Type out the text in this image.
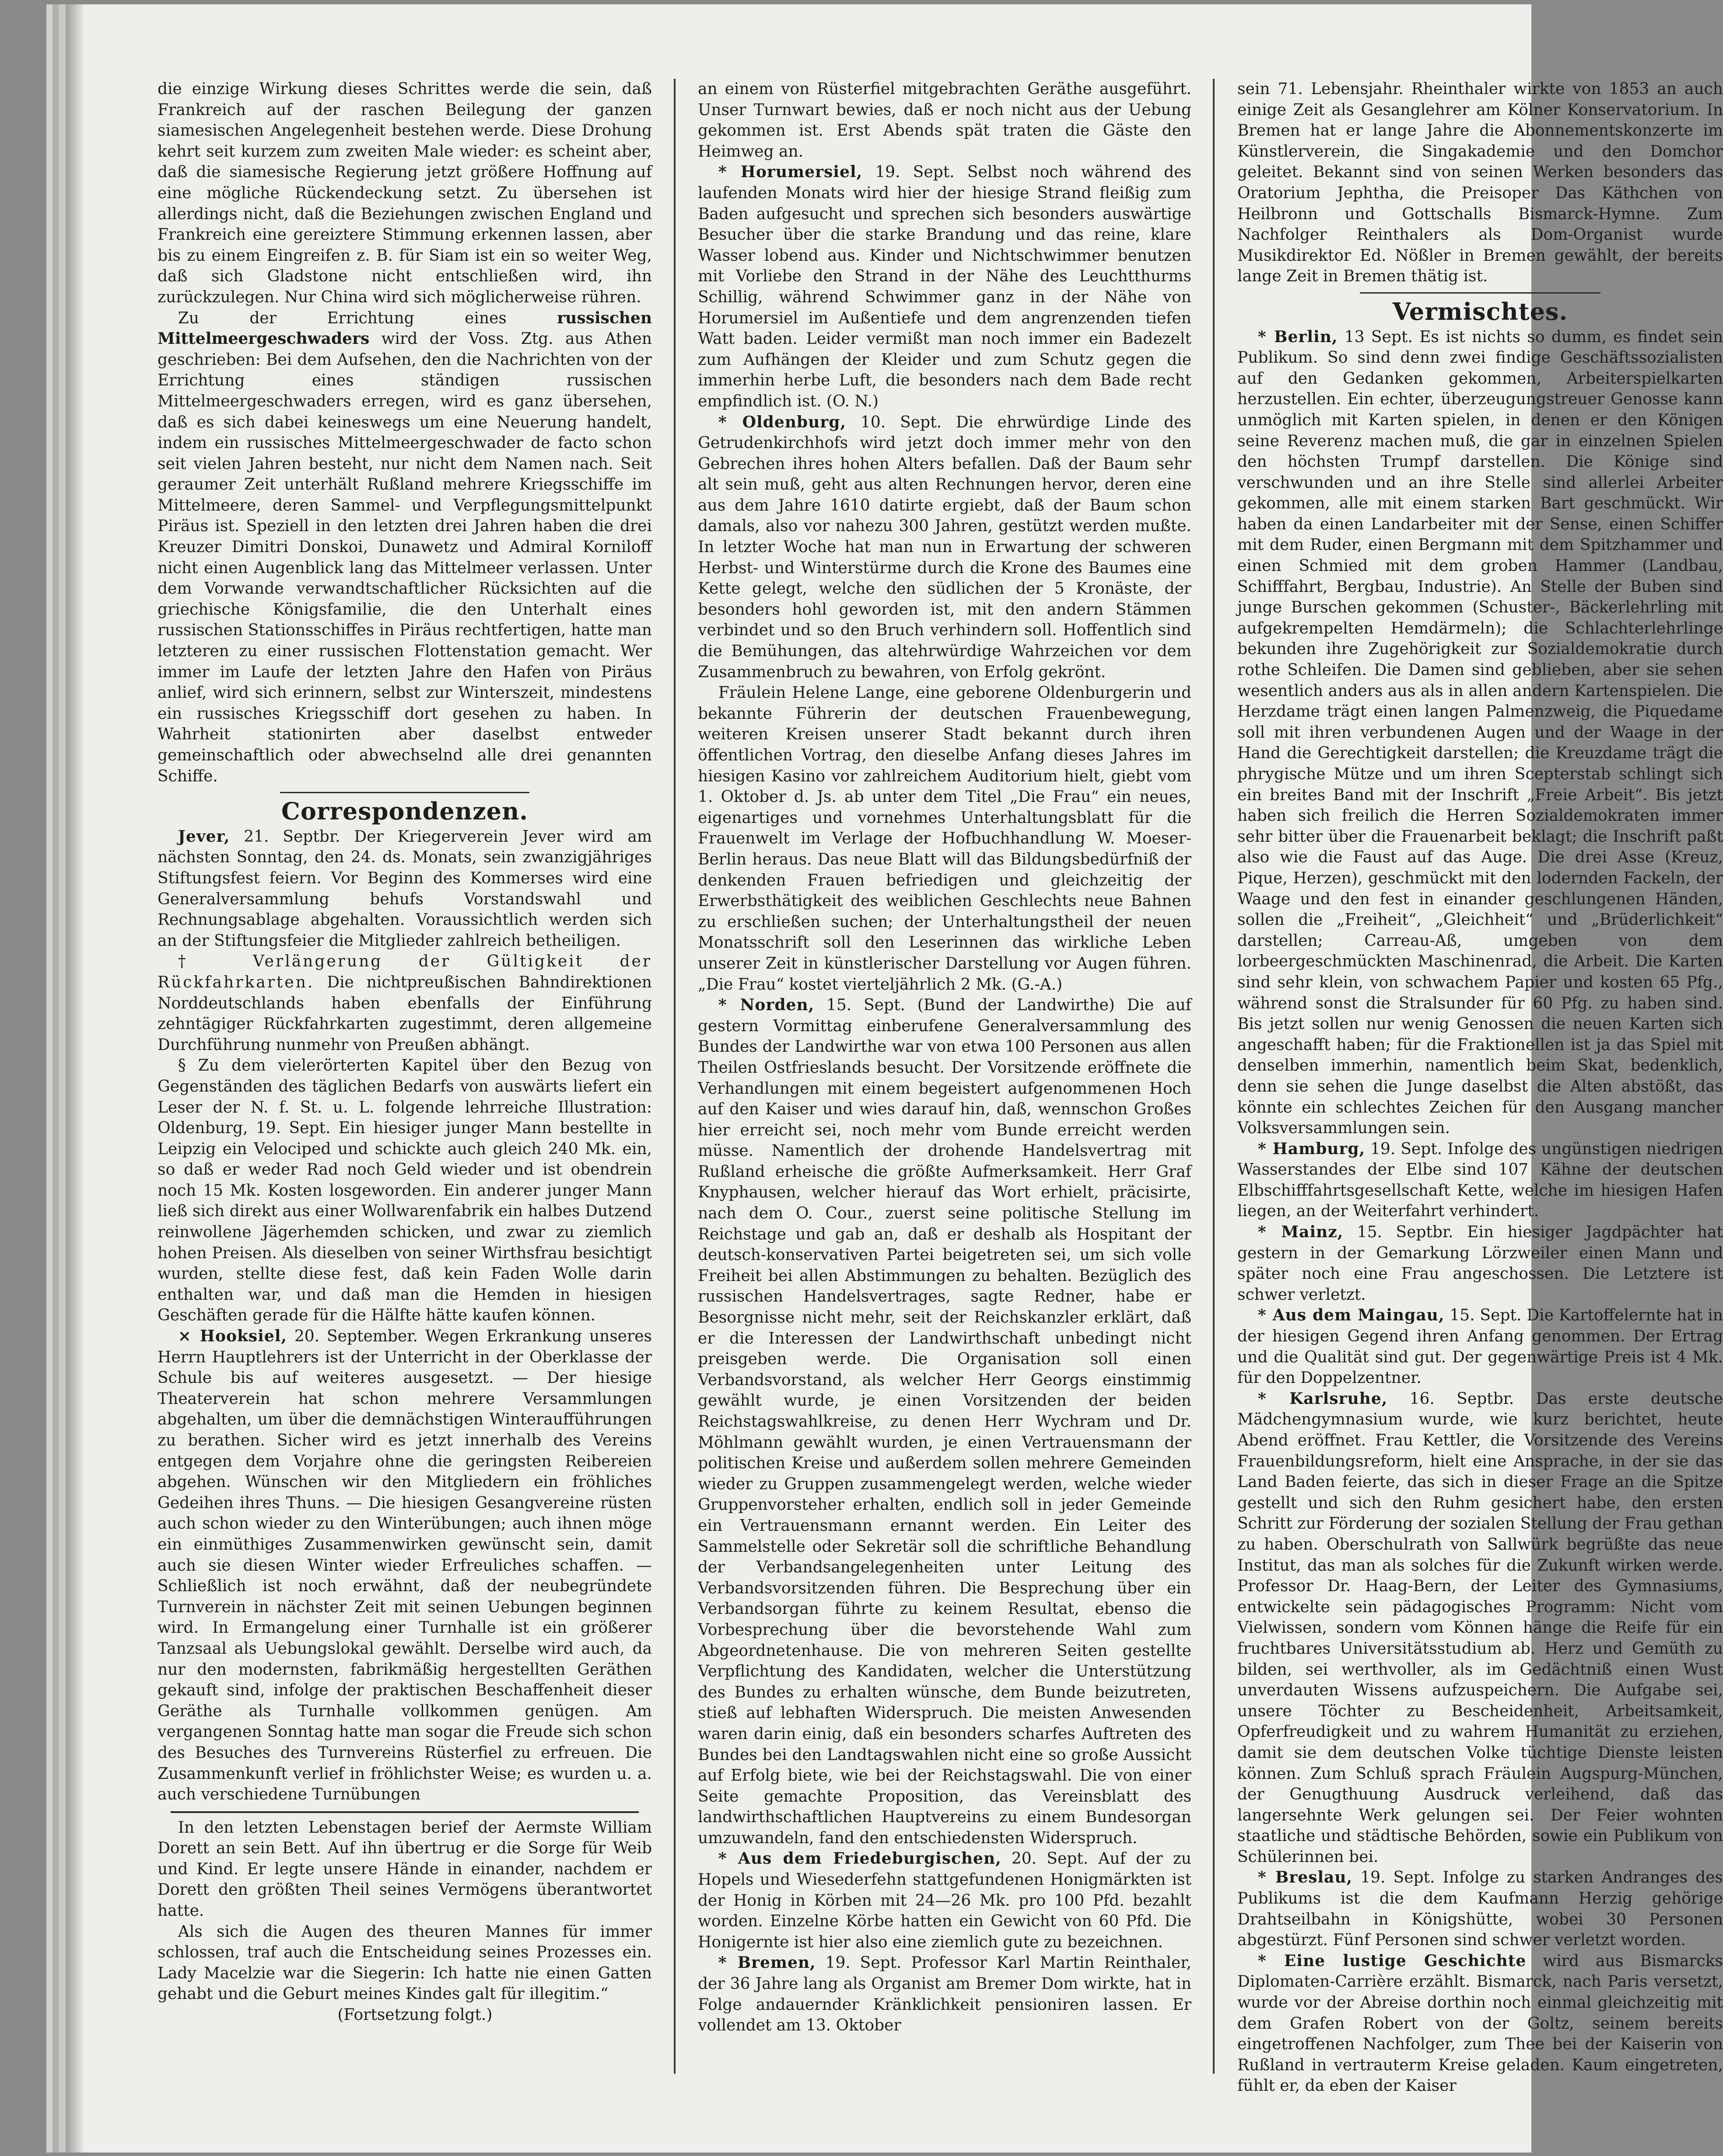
die einzige Wirkung dieses Schrittes werde die sein, daß Frankreich auf der raschen Beilegung der ganzen siamesischen Angelegenheit bestehen werde. Diese Drohung kehrt seit kurzem zum zweiten Male wieder: es scheint aber, daß die siamesische Regierung jetzt größere Hoffnung auf eine mögliche Rückendeckung setzt. Zu übersehen ist allerdings nicht, daß die Beziehungen zwischen England und Frankreich eine gereiztere Stimmung erkennen lassen, aber bis zu einem Eingreifen z. B. für Siam ist ein so weiter Weg, daß sich Gladstone nicht entschließen wird, ihn zurückzulegen. Nur China wird sich möglicherweise rühren.

Zu der Errichtung eines russischen Mittelmeergeschwaders wird der Voss. Ztg. aus Athen geschrieben: Bei dem Aufsehen, den die Nachrichten von der Errichtung eines ständigen russischen Mittelmeergeschwaders erregen, wird es ganz übersehen, daß es sich dabei keineswegs um eine Neuerung handelt, indem ein russisches Mittelmeergeschwader de facto schon seit vielen Jahren besteht, nur nicht dem Namen nach. Seit geraumer Zeit unterhält Rußland mehrere Kriegsschiffe im Mittelmeere, deren Sammel- und Verpflegungsmittelpunkt Piräus ist. Speziell in den letzten drei Jahren haben die drei Kreuzer Dimitri Donskoi, Dunawetz und Admiral Korniloff nicht einen Augenblick lang das Mittelmeer verlassen. Unter dem Vorwande verwandtschaftlicher Rücksichten auf die griechische Königsfamilie, die den Unterhalt eines russischen Stationsschiffes in Piräus rechtfertigen, hatte man letzteren zu einer russischen Flottenstation gemacht. Wer immer im Laufe der letzten Jahre den Hafen von Piräus anlief, wird sich erinnern, selbst zur Winterszeit, mindestens ein russisches Kriegsschiff dort gesehen zu haben. In Wahrheit stationirten aber daselbst entweder gemeinschaftlich oder abwechselnd alle drei genannten Schiffe.

Correspondenzen.

Jever, 21. Septbr. Der Kriegerverein Jever wird am nächsten Sonntag, den 24. ds. Monats, sein zwanzigjähriges Stiftungsfest feiern. Vor Beginn des Kommerses wird eine Generalversammlung behufs Vorstandswahl und Rechnungsablage abgehalten. Voraussichtlich werden sich an der Stiftungsfeier die Mitglieder zahlreich betheiligen.

† Verlängerung der Gültigkeit der Rückfahrkarten. Die nichtpreußischen Bahndirektionen Norddeutschlands haben ebenfalls der Einführung zehntägiger Rückfahrkarten zugestimmt, deren allgemeine Durchführung nunmehr von Preußen abhängt.

§ Zu dem vielerörterten Kapitel über den Bezug von Gegenständen des täglichen Bedarfs von auswärts liefert ein Leser der N. f. St. u. L. folgende lehrreiche Illustration: Oldenburg, 19. Sept. Ein hiesiger junger Mann bestellte in Leipzig ein Velociped und schickte auch gleich 240 Mk. ein, so daß er weder Rad noch Geld wieder und ist obendrein noch 15 Mk. Kosten losgeworden. Ein anderer junger Mann ließ sich direkt aus einer Wollwarenfabrik ein halbes Dutzend reinwollene Jägerhemden schicken, und zwar zu ziemlich hohen Preisen. Als dieselben von seiner Wirthsfrau besichtigt wurden, stellte diese fest, daß kein Faden Wolle darin enthalten war, und daß man die Hemden in hiesigen Geschäften gerade für die Hälfte hätte kaufen können.

× Hooksiel, 20. September. Wegen Erkrankung unseres Herrn Hauptlehrers ist der Unterricht in der Oberklasse der Schule bis auf weiteres ausgesetzt. — Der hiesige Theaterverein hat schon mehrere Versammlungen abgehalten, um über die demnächstigen Winteraufführungen zu berathen. Sicher wird es jetzt innerhalb des Vereins entgegen dem Vorjahre ohne die geringsten Reibereien abgehen. Wünschen wir den Mitgliedern ein fröhliches Gedeihen ihres Thuns. — Die hiesigen Gesangvereine rüsten auch schon wieder zu den Winterübungen; auch ihnen möge ein einmüthiges Zusammenwirken gewünscht sein, damit auch sie diesen Winter wieder Erfreuliches schaffen. — Schließlich ist noch erwähnt, daß der neubegründete Turnverein in nächster Zeit mit seinen Uebungen beginnen wird. In Ermangelung einer Turnhalle ist ein größerer Tanzsaal als Uebungslokal gewählt. Derselbe wird auch, da nur den modernsten, fabrikmäßig hergestellten Geräthen gekauft sind, infolge der praktischen Beschaffenheit dieser Geräthe als Turnhalle vollkommen genügen. Am vergangenen Sonntag hatte man sogar die Freude sich schon des Besuches des Turnvereins Rüsterfiel zu erfreuen. Die Zusammenkunft verlief in fröhlichster Weise; es wurden u. a. auch verschiedene Turnübungen

In den letzten Lebenstagen berief der Aermste William Dorett an sein Bett. Auf ihn übertrug er die Sorge für Weib und Kind. Er legte unsere Hände in einander, nachdem er Dorett den größten Theil seines Vermögens überantwortet hatte.

Als sich die Augen des theuren Mannes für immer schlossen, traf auch die Entscheidung seines Prozesses ein. Lady Macelzie war die Siegerin: Ich hatte nie einen Gatten gehabt und die Geburt meines Kindes galt für illegitim.“

(Fortsetzung folgt.)

an einem von Rüsterfiel mitgebrachten Geräthe ausgeführt. Unser Turnwart bewies, daß er noch nicht aus der Uebung gekommen ist. Erst Abends spät traten die Gäste den Heimweg an.

* Horumersiel, 19. Sept. Selbst noch während des laufenden Monats wird hier der hiesige Strand fleißig zum Baden aufgesucht und sprechen sich besonders auswärtige Besucher über die starke Brandung und das reine, klare Wasser lobend aus. Kinder und Nichtschwimmer benutzen mit Vorliebe den Strand in der Nähe des Leuchtthurms Schillig, während Schwimmer ganz in der Nähe von Horumersiel im Außentiefe und dem angrenzenden tiefen Watt baden. Leider vermißt man noch immer ein Badezelt zum Aufhängen der Kleider und zum Schutz gegen die immerhin herbe Luft, die besonders nach dem Bade recht empfindlich ist. (O. N.)

* Oldenburg, 10. Sept. Die ehrwürdige Linde des Getrudenkirchhofs wird jetzt doch immer mehr von den Gebrechen ihres hohen Alters befallen. Daß der Baum sehr alt sein muß, geht aus alten Rechnungen hervor, deren eine aus dem Jahre 1610 datirte ergiebt, daß der Baum schon damals, also vor nahezu 300 Jahren, gestützt werden mußte. In letzter Woche hat man nun in Erwartung der schweren Herbst- und Winterstürme durch die Krone des Baumes eine Kette gelegt, welche den südlichen der 5 Kronäste, der besonders hohl geworden ist, mit den andern Stämmen verbindet und so den Bruch verhindern soll. Hoffentlich sind die Bemühungen, das altehrwürdige Wahrzeichen vor dem Zusammenbruch zu bewahren, von Erfolg gekrönt.

Fräulein Helene Lange, eine geborene Oldenburgerin und bekannte Führerin der deutschen Frauenbewegung, weiteren Kreisen unserer Stadt bekannt durch ihren öffentlichen Vortrag, den dieselbe Anfang dieses Jahres im hiesigen Kasino vor zahlreichem Auditorium hielt, giebt vom 1. Oktober d. Js. ab unter dem Titel „Die Frau“ ein neues, eigenartiges und vornehmes Unterhaltungsblatt für die Frauenwelt im Verlage der Hofbuchhandlung W. Moeser-Berlin heraus. Das neue Blatt will das Bildungsbedürfniß der denkenden Frauen befriedigen und gleichzeitig der Erwerbsthätigkeit des weiblichen Geschlechts neue Bahnen zu erschließen suchen; der Unterhaltungstheil der neuen Monatsschrift soll den Leserinnen das wirkliche Leben unserer Zeit in künstlerischer Darstellung vor Augen führen. „Die Frau“ kostet vierteljährlich 2 Mk. (G.-A.)

* Norden, 15. Sept. (Bund der Landwirthe) Die auf gestern Vormittag einberufene Generalversammlung des Bundes der Landwirthe war von etwa 100 Personen aus allen Theilen Ostfrieslands besucht. Der Vorsitzende eröffnete die Verhandlungen mit einem begeistert aufgenommenen Hoch auf den Kaiser und wies darauf hin, daß, wennschon Großes hier erreicht sei, noch mehr vom Bunde erreicht werden müsse. Namentlich der drohende Handelsvertrag mit Rußland erheische die größte Aufmerksamkeit. Herr Graf Knyphausen, welcher hierauf das Wort erhielt, präcisirte, nach dem O. Cour., zuerst seine politische Stellung im Reichstage und gab an, daß er deshalb als Hospitant der deutsch-konservativen Partei beigetreten sei, um sich volle Freiheit bei allen Abstimmungen zu behalten. Bezüglich des russischen Handelsvertrages, sagte Redner, habe er Besorgnisse nicht mehr, seit der Reichskanzler erklärt, daß er die Interessen der Landwirthschaft unbedingt nicht preisgeben werde. Die Organisation soll einen Verbandsvorstand, als welcher Herr Georgs einstimmig gewählt wurde, je einen Vorsitzenden der beiden Reichstagswahlkreise, zu denen Herr Wychram und Dr. Möhlmann gewählt wurden, je einen Vertrauensmann der politischen Kreise und außerdem sollen mehrere Gemeinden wieder zu Gruppen zusammengelegt werden, welche wieder Gruppenvorsteher erhalten, endlich soll in jeder Gemeinde ein Vertrauensmann ernannt werden. Ein Leiter des Sammelstelle oder Sekretär soll die schriftliche Behandlung der Verbandsangelegenheiten unter Leitung des Verbandsvorsitzenden führen. Die Besprechung über ein Verbandsorgan führte zu keinem Resultat, ebenso die Vorbesprechung über die bevorstehende Wahl zum Abgeordnetenhause. Die von mehreren Seiten gestellte Verpflichtung des Kandidaten, welcher die Unterstützung des Bundes zu erhalten wünsche, dem Bunde beizutreten, stieß auf lebhaften Widerspruch. Die meisten Anwesenden waren darin einig, daß ein besonders scharfes Auftreten des Bundes bei den Landtagswahlen nicht eine so große Aussicht auf Erfolg biete, wie bei der Reichstagswahl. Die von einer Seite gemachte Proposition, das Vereinsblatt des landwirthschaftlichen Hauptvereins zu einem Bundesorgan umzuwandeln, fand den entschiedensten Widerspruch.

* Aus dem Friedeburgischen, 20. Sept. Auf der zu Hopels und Wiesederfehn stattgefundenen Honigmärkten ist der Honig in Körben mit 24—26 Mk. pro 100 Pfd. bezahlt worden. Einzelne Körbe hatten ein Gewicht von 60 Pfd. Die Honigernte ist hier also eine ziemlich gute zu bezeichnen.

* Bremen, 19. Sept. Professor Karl Martin Reinthaler, der 36 Jahre lang als Organist am Bremer Dom wirkte, hat in Folge andauernder Kränklichkeit pensioniren lassen. Er vollendet am 13. Oktober

sein 71. Lebensjahr. Rheinthaler wirkte von 1853 an auch einige Zeit als Gesanglehrer am Kölner Konservatorium. In Bremen hat er lange Jahre die Abonnementskonzerte im Künstlerverein, die Singakademie und den Domchor geleitet. Bekannt sind von seinen Werken besonders das Oratorium Jephtha, die Preisoper Das Käthchen von Heilbronn und Gottschalls Bismarck-Hymne. Zum Nachfolger Reinthalers als Dom-Organist wurde Musikdirektor Ed. Nößler in Bremen gewählt, der bereits lange Zeit in Bremen thätig ist.

Vermischtes.

* Berlin, 13 Sept. Es ist nichts so dumm, es findet sein Publikum. So sind denn zwei findige Geschäftssozialisten auf den Gedanken gekommen, Arbeiterspielkarten herzustellen. Ein echter, überzeugungstreuer Genosse kann unmöglich mit Karten spielen, in denen er den Königen seine Reverenz machen muß, die gar in einzelnen Spielen den höchsten Trumpf darstellen. Die Könige sind verschwunden und an ihre Stelle sind allerlei Arbeiter gekommen, alle mit einem starken Bart geschmückt. Wir haben da einen Landarbeiter mit der Sense, einen Schiffer mit dem Ruder, einen Bergmann mit dem Spitzhammer und einen Schmied mit dem groben Hammer (Landbau, Schifffahrt, Bergbau, Industrie). An Stelle der Buben sind junge Burschen gekommen (Schuster-, Bäckerlehrling mit aufgekrempelten Hemdärmeln); die Schlachterlehrlinge bekunden ihre Zugehörigkeit zur Sozialdemokratie durch rothe Schleifen. Die Damen sind geblieben, aber sie sehen wesentlich anders aus als in allen andern Kartenspielen. Die Herzdame trägt einen langen Palmenzweig, die Piquedame soll mit ihren verbundenen Augen und der Waage in der Hand die Gerechtigkeit darstellen; die Kreuzdame trägt die phrygische Mütze und um ihren Scepterstab schlingt sich ein breites Band mit der Inschrift „Freie Arbeit“. Bis jetzt haben sich freilich die Herren Sozialdemokraten immer sehr bitter über die Frauenarbeit beklagt; die Inschrift paßt also wie die Faust auf das Auge. Die drei Asse (Kreuz, Pique, Herzen), geschmückt mit den lodernden Fackeln, der Waage und den fest in einander geschlungenen Händen, sollen die „Freiheit“, „Gleichheit“ und „Brüderlichkeit“ darstellen; Carreau-Aß, umgeben von dem lorbeergeschmückten Maschinenrad, die Arbeit. Die Karten sind sehr klein, von schwachem Papier und kosten 65 Pfg., während sonst die Stralsunder für 60 Pfg. zu haben sind. Bis jetzt sollen nur wenig Genossen die neuen Karten sich angeschafft haben; für die Fraktionellen ist ja das Spiel mit denselben immerhin, namentlich beim Skat, bedenklich, denn sie sehen die Junge daselbst die Alten abstößt, das könnte ein schlechtes Zeichen für den Ausgang mancher Volksversammlungen sein.

* Hamburg, 19. Sept. Infolge des ungünstigen niedrigen Wasserstandes der Elbe sind 107 Kähne der deutschen Elbschifffahrtsgesellschaft Kette, welche im hiesigen Hafen liegen, an der Weiterfahrt verhindert.

* Mainz, 15. Septbr. Ein hiesiger Jagdpächter hat gestern in der Gemarkung Lörzweiler einen Mann und später noch eine Frau angeschossen. Die Letztere ist schwer verletzt.

* Aus dem Maingau, 15. Sept. Die Kartoffelernte hat in der hiesigen Gegend ihren Anfang genommen. Der Ertrag und die Qualität sind gut. Der gegenwärtige Preis ist 4 Mk. für den Doppelzentner.

* Karlsruhe, 16. Septbr. Das erste deutsche Mädchengymnasium wurde, wie kurz berichtet, heute Abend eröffnet. Frau Kettler, die Vorsitzende des Vereins Frauenbildungsreform, hielt eine Ansprache, in der sie das Land Baden feierte, das sich in dieser Frage an die Spitze gestellt und sich den Ruhm gesichert habe, den ersten Schritt zur Förderung der sozialen Stellung der Frau gethan zu haben. Oberschulrath von Sallwürk begrüßte das neue Institut, das man als solches für die Zukunft wirken werde. Professor Dr. Haag-Bern, der Leiter des Gymnasiums, entwickelte sein pädagogisches Programm: Nicht vom Vielwissen, sondern vom Können hänge die Reife für ein fruchtbares Universitätsstudium ab. Herz und Gemüth zu bilden, sei werthvoller, als im Gedächtniß einen Wust unverdauten Wissens aufzuspeichern. Die Aufgabe sei, unsere Töchter zu Bescheidenheit, Arbeitsamkeit, Opferfreudigkeit und zu wahrem Humanität zu erziehen, damit sie dem deutschen Volke tüchtige Dienste leisten können. Zum Schluß sprach Fräulein Augspurg-München, der Genugthuung Ausdruck verleihend, daß das langersehnte Werk gelungen sei. Der Feier wohnten staatliche und städtische Behörden, sowie ein Publikum von Schülerinnen bei.

* Breslau, 19. Sept. Infolge zu starken Andranges des Publikums ist die dem Kaufmann Herzig gehörige Drahtseilbahn in Königshütte, wobei 30 Personen abgestürzt. Fünf Personen sind schwer verletzt worden.

* Eine lustige Geschichte wird aus Bismarcks Diplomaten-Carrière erzählt. Bismarck, nach Paris versetzt, wurde vor der Abreise dorthin noch einmal gleichzeitig mit dem Grafen Robert von der Goltz, seinem bereits eingetroffenen Nachfolger, zum Thee bei der Kaiserin von Rußland in vertrauterm Kreise geladen. Kaum eingetreten, fühlt er, da eben der Kaiser
